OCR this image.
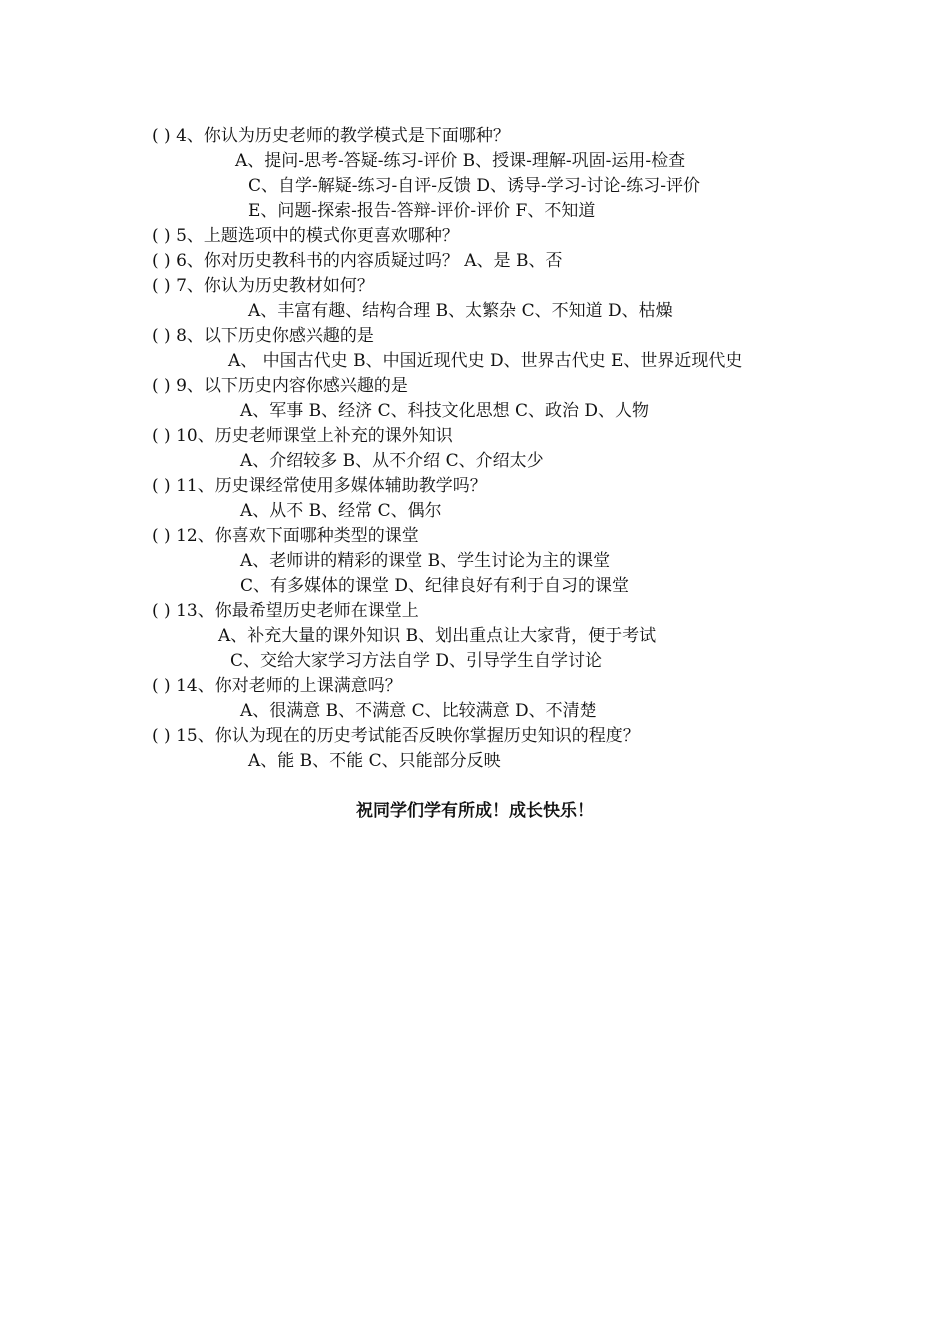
( ) 4、你认为历史老师的教学模式是下面哪种？
A、提问-思考-答疑-练习-评价 B、授课-理解-巩固-运用-检查
C、自学-解疑-练习-自评-反馈 D、诱导-学习-讨论-练习-评价
E、问题-探索-报告-答辩-评价-评价 F、不知道
( ) 5、上题选项中的模式你更喜欢哪种？
( ) 6、你对历史教科书的内容质疑过吗？ A、是 B、否
( ) 7、你认为历史教材如何？
A、丰富有趣、结构合理 B、太繁杂 C、不知道 D、枯燥
( ) 8、以下历史你感兴趣的是
A、 中国古代史 B、中国近现代史 D、世界古代史 E、世界近现代史
( ) 9、以下历史内容你感兴趣的是
A、军事 B、经济 C、科技文化思想 C、政治 D、人物
( ) 10、历史老师课堂上补充的课外知识
A、介绍较多 B、从不介绍 C、介绍太少
( ) 11、历史课经常使用多媒体辅助教学吗？
A、从不 B、经常 C、偶尔
( ) 12、你喜欢下面哪种类型的课堂
A、老师讲的精彩的课堂 B、学生讨论为主的课堂
C、有多媒体的课堂 D、纪律良好有利于自习的课堂
( ) 13、你最希望历史老师在课堂上
A、补充大量的课外知识 B、划出重点让大家背，便于考试
C、交给大家学习方法自学 D、引导学生自学讨论
( ) 14、你对老师的上课满意吗？
A、很满意 B、不满意 C、比较满意 D、不清楚
( ) 15、你认为现在的历史考试能否反映你掌握历史知识的程度？
A、能 B、不能 C、只能部分反映
祝同学们学有所成！成长快乐！
